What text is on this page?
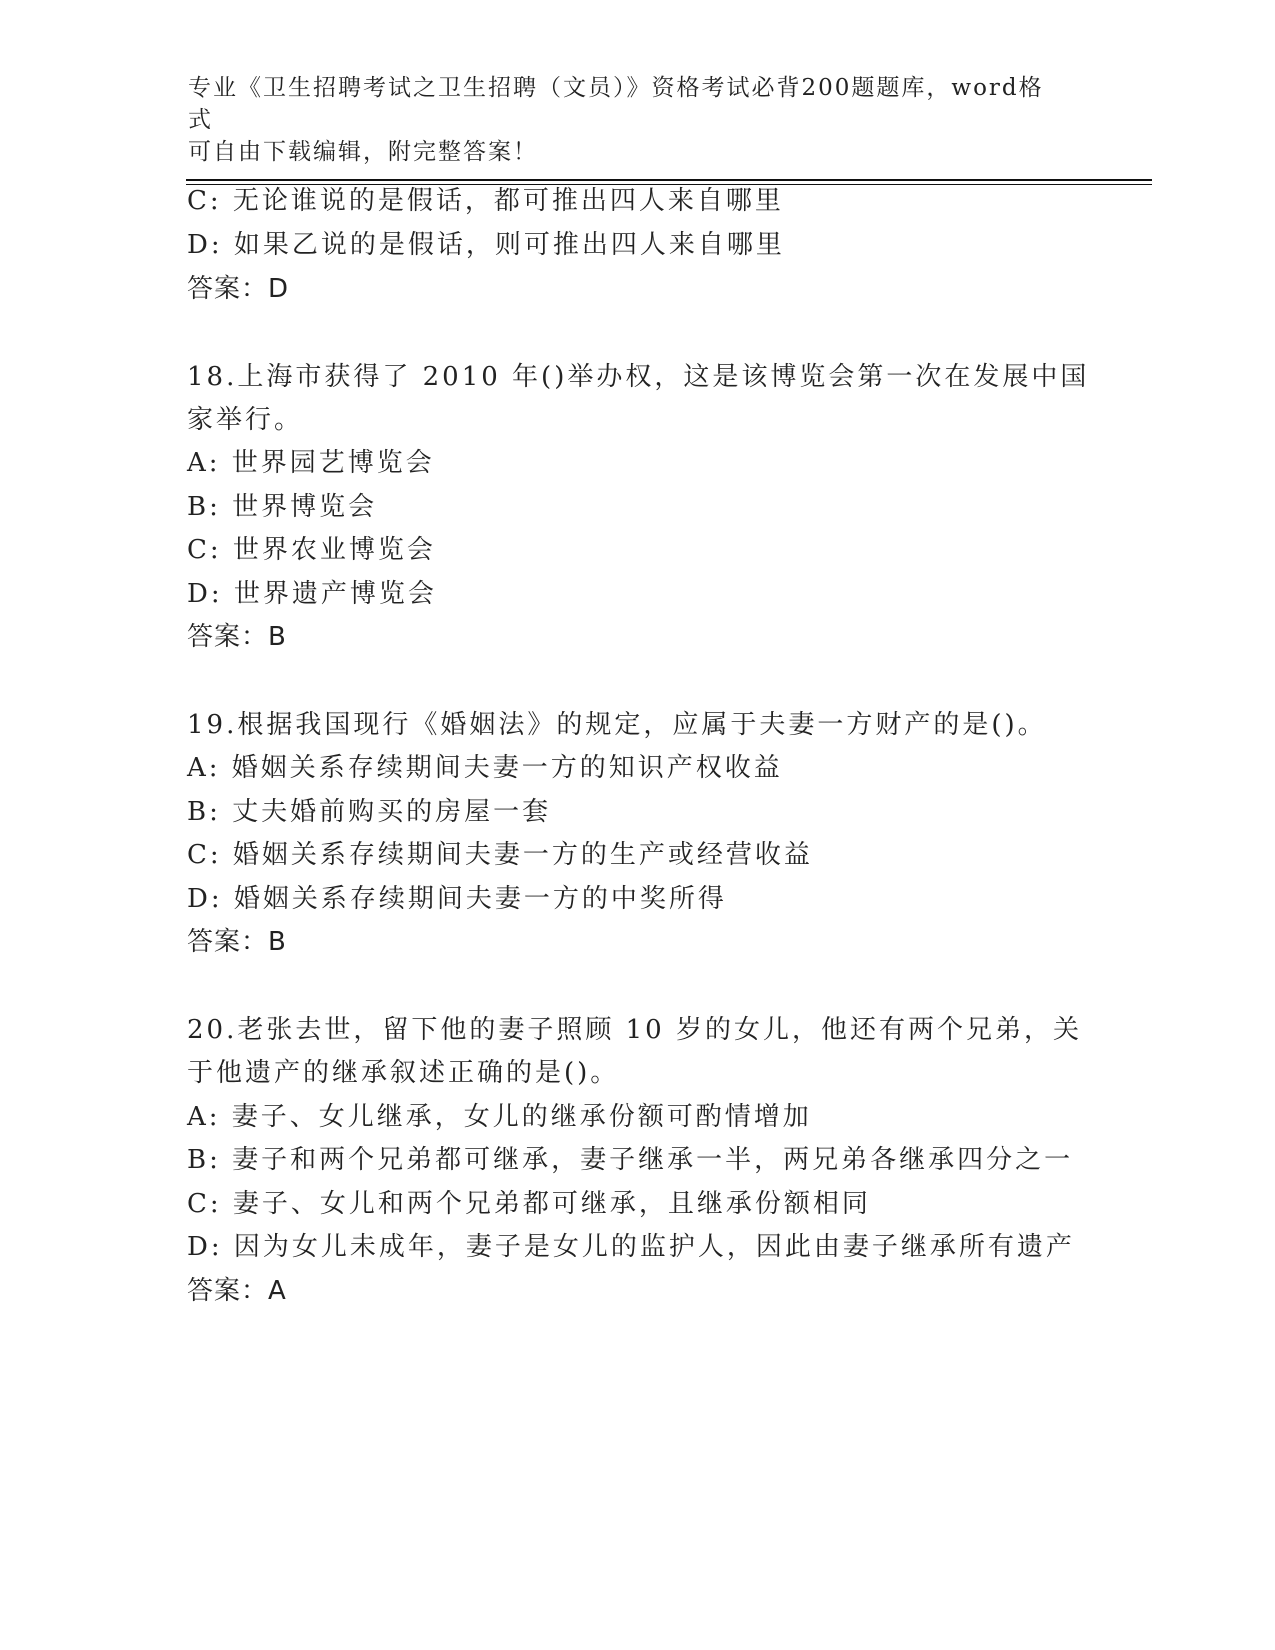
专业《卫生招聘考试之卫生招聘（文员）》资格考试必背200题题库，word格式
可自由下载编辑，附完整答案！
C: 无论谁说的是假话，都可推出四人来自哪里
D: 如果乙说的是假话，则可推出四人来自哪里
答案：D
18.上海市获得了 2010 年()举办权，这是该博览会第一次在发展中国
家举行。
A: 世界园艺博览会
B: 世界博览会
C: 世界农业博览会
D: 世界遗产博览会
答案：B
19.根据我国现行《婚姻法》的规定，应属于夫妻一方财产的是()。
A: 婚姻关系存续期间夫妻一方的知识产权收益
B: 丈夫婚前购买的房屋一套
C: 婚姻关系存续期间夫妻一方的生产或经营收益
D: 婚姻关系存续期间夫妻一方的中奖所得
答案：B
20.老张去世，留下他的妻子照顾 10 岁的女儿，他还有两个兄弟，关
于他遗产的继承叙述正确的是()。
A: 妻子、女儿继承，女儿的继承份额可酌情增加
B: 妻子和两个兄弟都可继承，妻子继承一半，两兄弟各继承四分之一
C: 妻子、女儿和两个兄弟都可继承，且继承份额相同
D: 因为女儿未成年，妻子是女儿的监护人，因此由妻子继承所有遗产
答案：A
